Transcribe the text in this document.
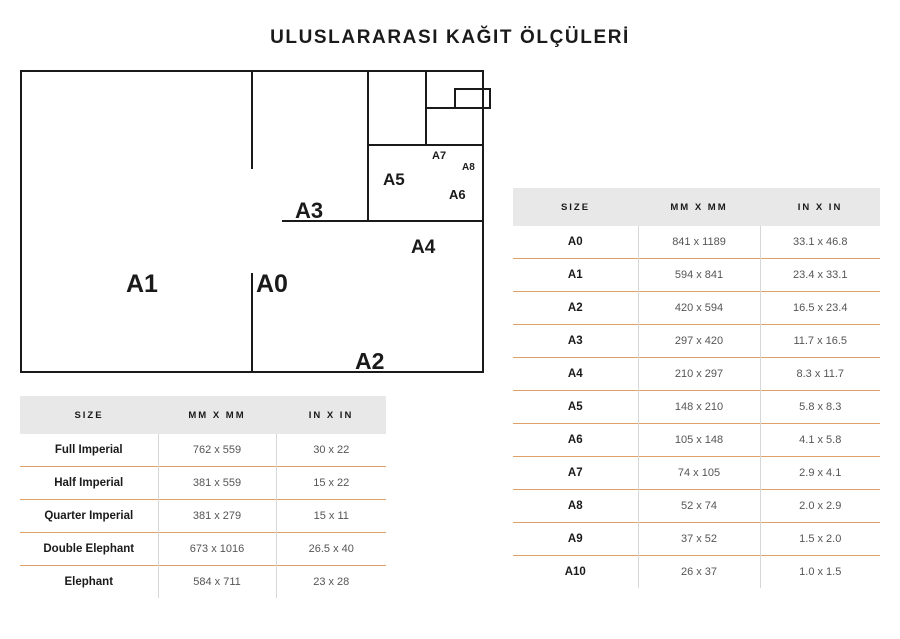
ULUSLARARASI KAĞIT ÖLÇÜLERİ
A0
A1
A2
A3
A4
A5
A6
A7
A8
SIZE	MM X MM	IN X IN
A0	841 x 1189	33.1 x 46.8
A1	594 x 841	23.4 x 33.1
A2	420 x 594	16.5 x 23.4
A3	297 x 420	11.7 x 16.5
A4	210 x 297	8.3 x 11.7
A5	148 x 210	5.8 x 8.3
A6	105 x 148	4.1 x 5.8
A7	74 x 105	2.9 x 4.1
A8	52 x 74	2.0 x 2.9
A9	37 x 52	1.5 x 2.0
A10	26 x 37	1.0 x 1.5
SIZE	MM X MM	IN X IN
Full Imperial	762 x 559	30 x 22
Half Imperial	381 x 559	15 x 22
Quarter Imperial	381 x 279	15 x 11
Double Elephant	673 x 1016	26.5 x 40
Elephant	584 x 711	23 x 28
